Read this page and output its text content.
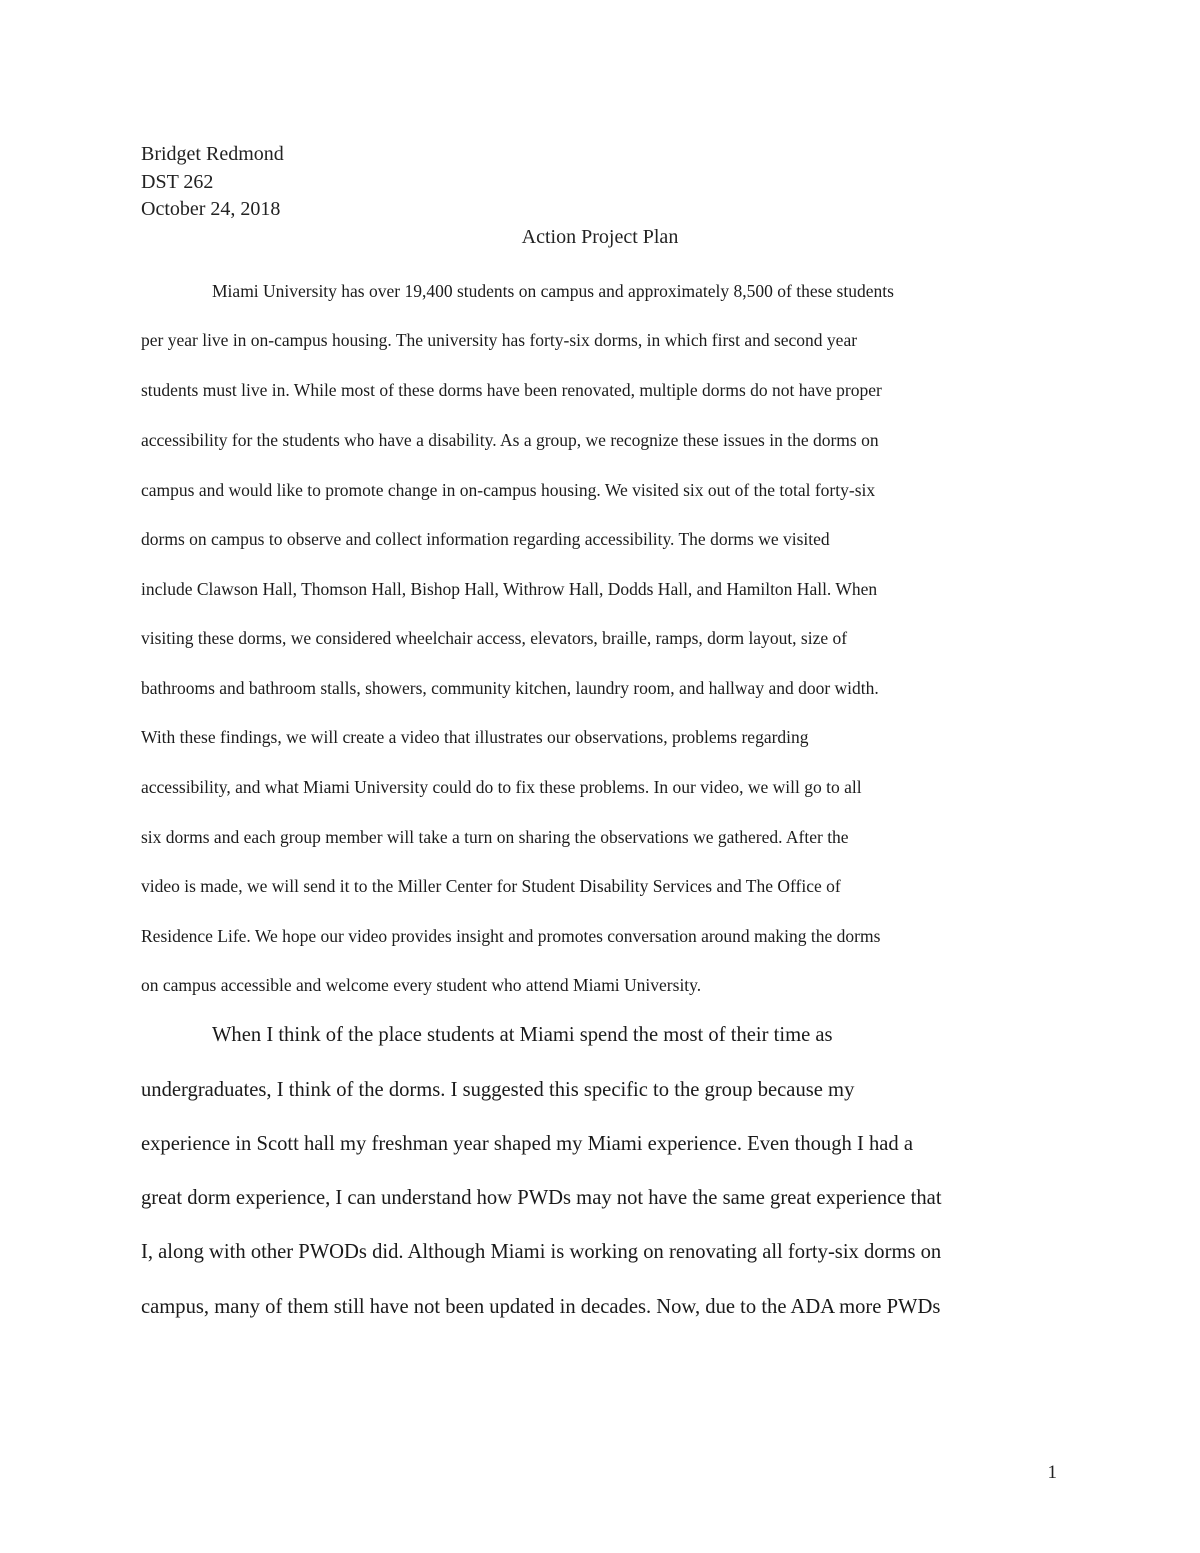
Bridget Redmond
DST 262
October 24, 2018
Action Project Plan
Miami University has over 19,400 students on campus and approximately 8,500 of these students
per year live in on-campus housing. The university has forty-six dorms, in which first and second year
students must live in. While most of these dorms have been renovated, multiple dorms do not have proper
accessibility for the students who have a disability. As a group, we recognize these issues in the dorms on
campus and would like to promote change in on-campus housing. We visited six out of the total forty-six
dorms on campus to observe and collect information regarding accessibility. The dorms we visited
include Clawson Hall, Thomson Hall, Bishop Hall, Withrow Hall, Dodds Hall, and Hamilton Hall. When
visiting these dorms, we considered wheelchair access, elevators, braille, ramps, dorm layout, size of
bathrooms and bathroom stalls, showers, community kitchen, laundry room, and hallway and door width.
With these findings, we will create a video that illustrates our observations, problems regarding
accessibility, and what Miami University could do to fix these problems. In our video, we will go to all
six dorms and each group member will take a turn on sharing the observations we gathered. After the
video is made, we will send it to the Miller Center for Student Disability Services and The Office of
Residence Life. We hope our video provides insight and promotes conversation around making the dorms
on campus accessible and welcome every student who attend Miami University.
When I think of the place students at Miami spend the most of their time as
undergraduates, I think of the dorms. I suggested this specific to the group because my
experience in Scott hall my freshman year shaped my Miami experience. Even though I had a
great dorm experience, I can understand how PWDs may not have the same great experience that
I, along with other PWODs did. Although Miami is working on renovating all forty-six dorms on
campus, many of them still have not been updated in decades. Now, due to the ADA more PWDs
1
